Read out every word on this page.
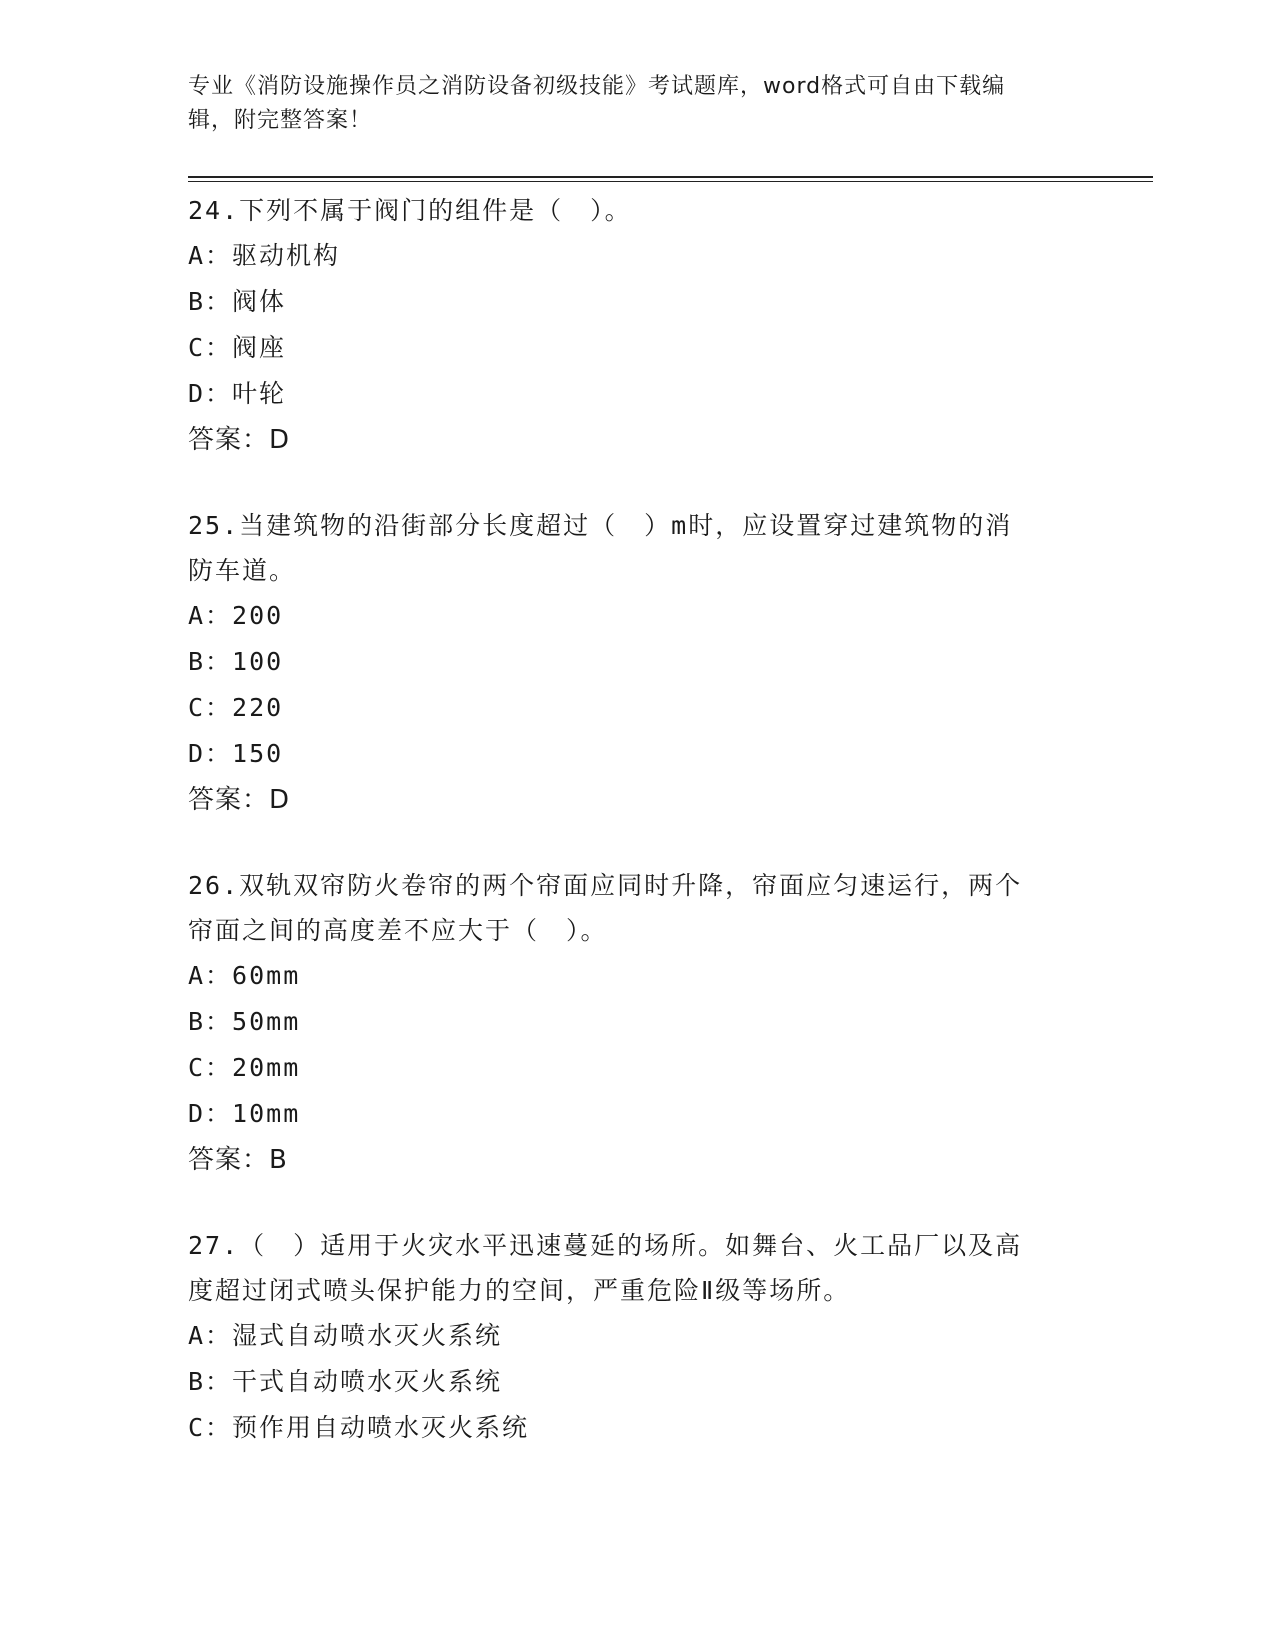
专业《消防设施操作员之消防设备初级技能》考试题库，word格式可自由下载编
辑，附完整答案！
24.下列不属于阀门的组件是（　）。
A：驱动机构
B：阀体
C：阀座
D：叶轮
答案：D
25.当建筑物的沿街部分长度超过（　）m时，应设置穿过建筑物的消
防车道。
A：200
B：100
C：220
D：150
答案：D
26.双轨双帘防火卷帘的两个帘面应同时升降，帘面应匀速运行，两个
帘面之间的高度差不应大于（　）。
A：60mm
B：50mm
C：20mm
D：10mm
答案：B
27.（　）适用于火灾水平迅速蔓延的场所。如舞台、火工品厂以及高
度超过闭式喷头保护能力的空间，严重危险Ⅱ级等场所。
A：湿式自动喷水灭火系统
B：干式自动喷水灭火系统
C：预作用自动喷水灭火系统
